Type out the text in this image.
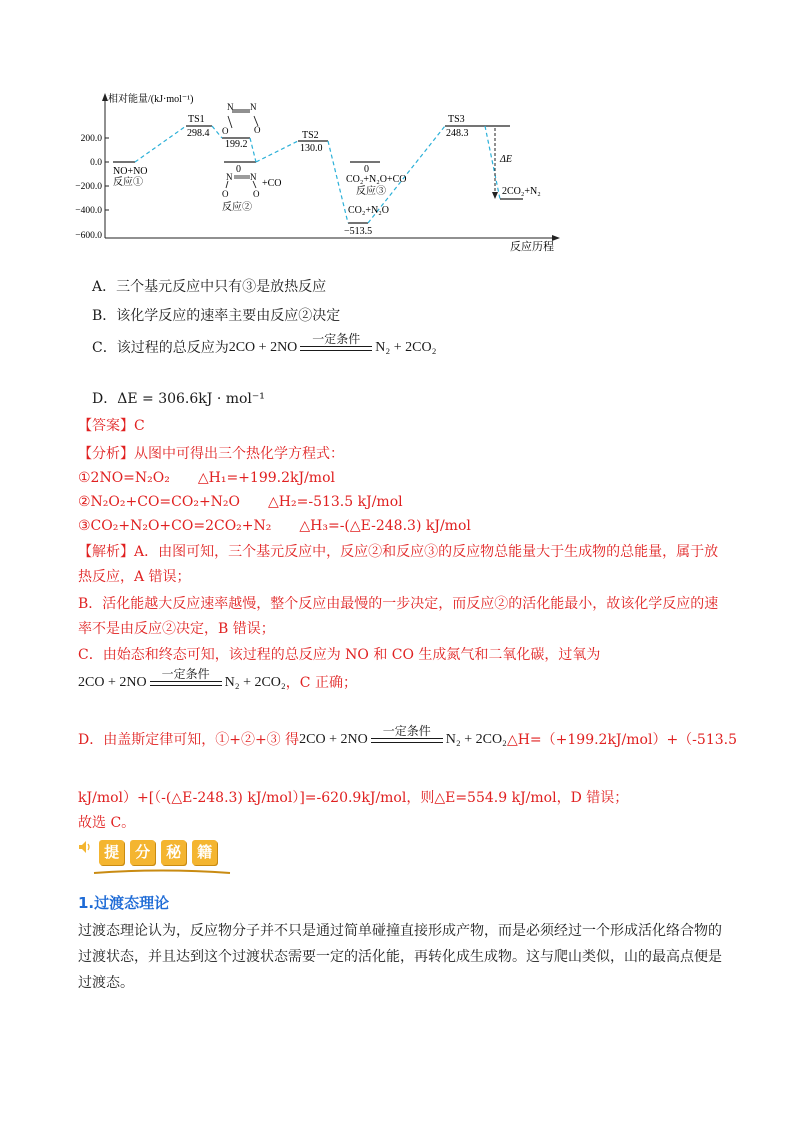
相对能量/(kJ·mol⁻¹)
反应历程
200.0
0.0
−200.0
−400.0
−600.0
N N
O	O
N N
O	O
NO+NO
反应①
TS1
298.4
199.2
0
+CO
反应②
TS2
130.0
0
CO₂+N₂O+CO
反应③
CO₂+N₂O
−513.5
TS3
248.3
ΔE
2CO₂+N₂
A．三个基元反应中只有③是放热反应
B．该化学反应的速率主要由反应②决定
C．该过程的总反应为 2CO + 2NO
一定条件
N₂ + 2CO₂
D．ΔE = 306.6kJ · mol⁻¹
【答案】C
【分析】从图中可得出三个热化学方程式：
①2NO=N₂O₂　　△H₁=+199.2kJ/mol
②N₂O₂+CO=CO₂+N₂O　　△H₂=-513.5 kJ/mol
③CO₂+N₂O+CO=2CO₂+N₂　　△H₃=-(△E-248.3) kJ/mol
【解析】A．由图可知，三个基元反应中，反应②和反应③的反应物总能量大于生成物的总能量，属于放
热反应，A 错误；
B．活化能越大反应速率越慢，整个反应由最慢的一步决定，而反应②的活化能最小，故该化学反应的速
率不是由反应②决定，B 错误；
C．由始态和终态可知，该过程的总反应为 NO 和 CO 生成氮气和二氧化碳，过氧为
2CO + 2NO
一定条件
N₂ + 2CO₂ ，C 正确；
D．由盖斯定律可知，①+②+③ 得 2CO + 2NO
一定条件
N₂ + 2CO₂ △H=（+199.2kJ/mol）+（-513.5
kJ/mol）+[（-(△E-248.3) kJ/mol）]=-620.9kJ/mol，则△E=554.9 kJ/mol，D 错误；
故选 C。
提 分 秘 籍
1.过渡态理论
过渡态理论认为，反应物分子并不只是通过简单碰撞直接形成产物，而是必须经过一个形成活化络合物的
过渡状态，并且达到这个过渡状态需要一定的活化能，再转化成生成物。这与爬山类似，山的最高点便是
过渡态。
